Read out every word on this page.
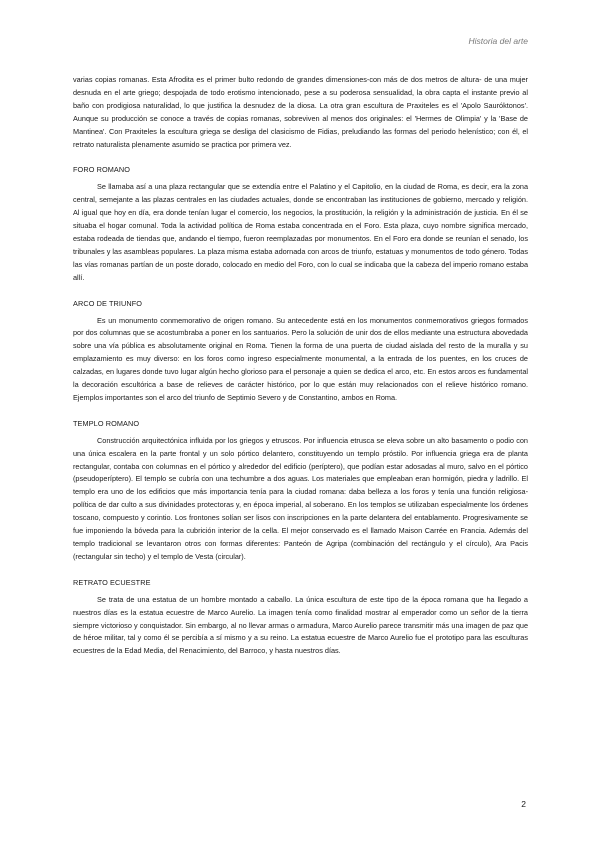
Historia del arte

varias copias romanas. Esta Afrodita es el primer bulto redondo de grandes dimensiones-con más de dos metros de altura- de una mujer desnuda en el arte griego; despojada de todo erotismo intencionado, pese a su poderosa sensualidad, la obra capta el instante previo al baño con prodigiosa naturalidad, lo que justifica la desnudez de la diosa. La otra gran escultura de Praxiteles es el 'Apolo Sauróktonos'. Aunque su producción se conoce a través de copias romanas, sobreviven al menos dos originales: el 'Hermes de Olimpia' y la 'Base de Mantinea'. Con Praxiteles la escultura griega se desliga del clasicismo de Fidias, preludiando las formas del periodo helenístico; con él, el retrato naturalista plenamente asumido se practica por primera vez.

FORO ROMANO

Se llamaba así a una plaza rectangular que se extendía entre el Palatino y el Capitolio, en la ciudad de Roma, es decir, era la zona central, semejante a las plazas centrales en las ciudades actuales, donde se encontraban las instituciones de gobierno, mercado y religión. Al igual que hoy en día, era donde tenían lugar el comercio, los negocios, la prostitución, la religión y la administración de justicia. En él se situaba el hogar comunal. Toda la actividad política de Roma estaba concentrada en el Foro. Esta plaza, cuyo nombre significa mercado, estaba rodeada de tiendas que, andando el tiempo, fueron reemplazadas por monumentos. En el Foro era donde se reunían el senado, los tribunales y las asambleas populares. La plaza misma estaba adornada con arcos de triunfo, estatuas y monumentos de todo género. Todas las vías romanas partían de un poste dorado, colocado en medio del Foro, con lo cual se indicaba que la cabeza del imperio romano estaba allí.

ARCO DE TRIUNFO

Es un monumento conmemorativo de origen romano. Su antecedente está en los monumentos conmemorativos griegos formados por dos columnas que se acostumbraba a poner en los santuarios. Pero la solución de unir dos de ellos mediante una estructura abovedada sobre una vía pública es absolutamente original en Roma. Tienen la forma de una puerta de ciudad aislada del resto de la muralla y su emplazamiento es muy diverso: en los foros como ingreso especialmente monumental, a la entrada de los puentes, en los cruces de calzadas, en lugares donde tuvo lugar algún hecho glorioso para el personaje a quien se dedica el arco, etc. En estos arcos es fundamental la decoración escultórica a base de relieves de carácter histórico, por lo que están muy relacionados con el relieve histórico romano. Ejemplos importantes son el arco del triunfo de Septimio Severo y de Constantino, ambos en Roma.

TEMPLO ROMANO

Construcción arquitectónica influida por los griegos y etruscos. Por influencia etrusca se eleva sobre un alto basamento o podio con una única escalera en la parte frontal y un solo pórtico delantero, constituyendo un templo próstilo. Por influencia griega era de planta rectangular, contaba con columnas en el pórtico y alrededor del edificio (períptero), que podían estar adosadas al muro, salvo en el pórtico (pseudoperíptero). El templo se cubría con una techumbre a dos aguas. Los materiales que empleaban eran hormigón, piedra y ladrillo. El templo era uno de los edificios que más importancia tenía para la ciudad romana: daba belleza a los foros y tenía una función religiosa-política de dar culto a sus divinidades protectoras y, en época imperial, al soberano. En los templos se utilizaban especialmente los órdenes toscano, compuesto y corintio. Los frontones solían ser lisos con inscripciones en la parte delantera del entablamento. Progresivamente se fue imponiendo la bóveda para la cubrición interior de la cella. El mejor conservado es el llamado Maison Carrée en Francia. Además del templo tradicional se levantaron otros con formas diferentes: Panteón de Agripa (combinación del rectángulo y el círculo), Ara Pacis (rectangular sin techo) y el templo de Vesta (circular).

RETRATO ECUESTRE

Se trata de una estatua de un hombre montado a caballo. La única escultura de este tipo de la época romana que ha llegado a nuestros días es la estatua ecuestre de Marco Aurelio. La imagen tenía como finalidad mostrar al emperador como un señor de la tierra siempre victorioso y conquistador. Sin embargo, al no llevar armas o armadura, Marco Aurelio parece transmitir más una imagen de paz que de héroe militar, tal y como él se percibía a sí mismo y a su reino. La estatua ecuestre de Marco Aurelio fue el prototipo para las esculturas ecuestres de la Edad Media, del Renacimiento, del Barroco, y hasta nuestros días.

2
